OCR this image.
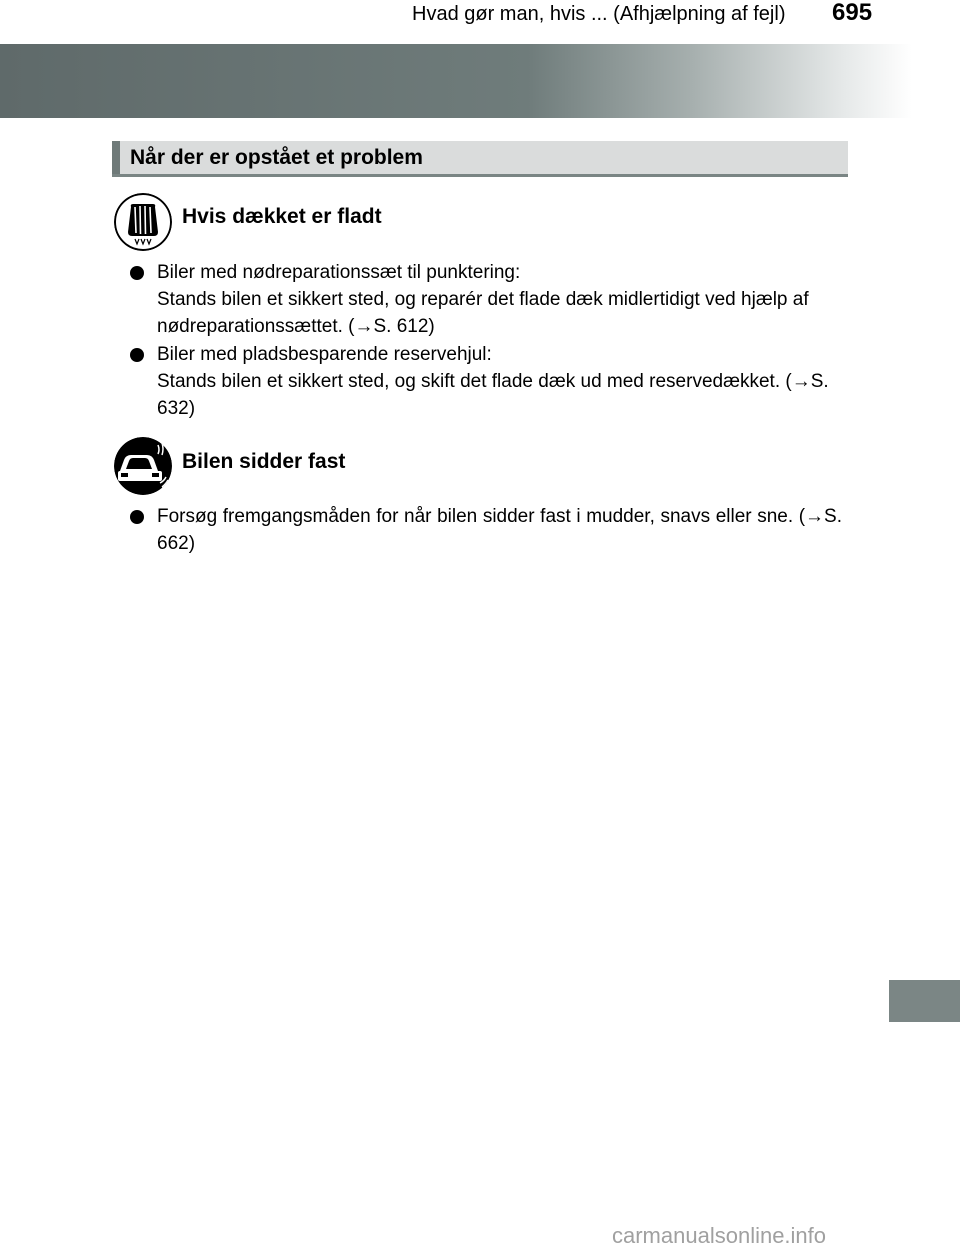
Hvad gør man, hvis ... (Afhjælpning af fejl) 695
Når der er opstået et problem
Hvis dækket er fladt
Biler med nødreparationssæt til punktering:
Stands bilen et sikkert sted, og reparér det flade dæk midlertidigt ved hjælp af nødreparationssættet. (→S. 612)
Biler med pladsbesparende reservehjul:
Stands bilen et sikkert sted, og skift det flade dæk ud med reservedækket. (→S. 632)
Bilen sidder fast
Forsøg fremgangsmåden for når bilen sidder fast i mudder, snavs eller sne. (→S. 662)
carmanualsonline.info
